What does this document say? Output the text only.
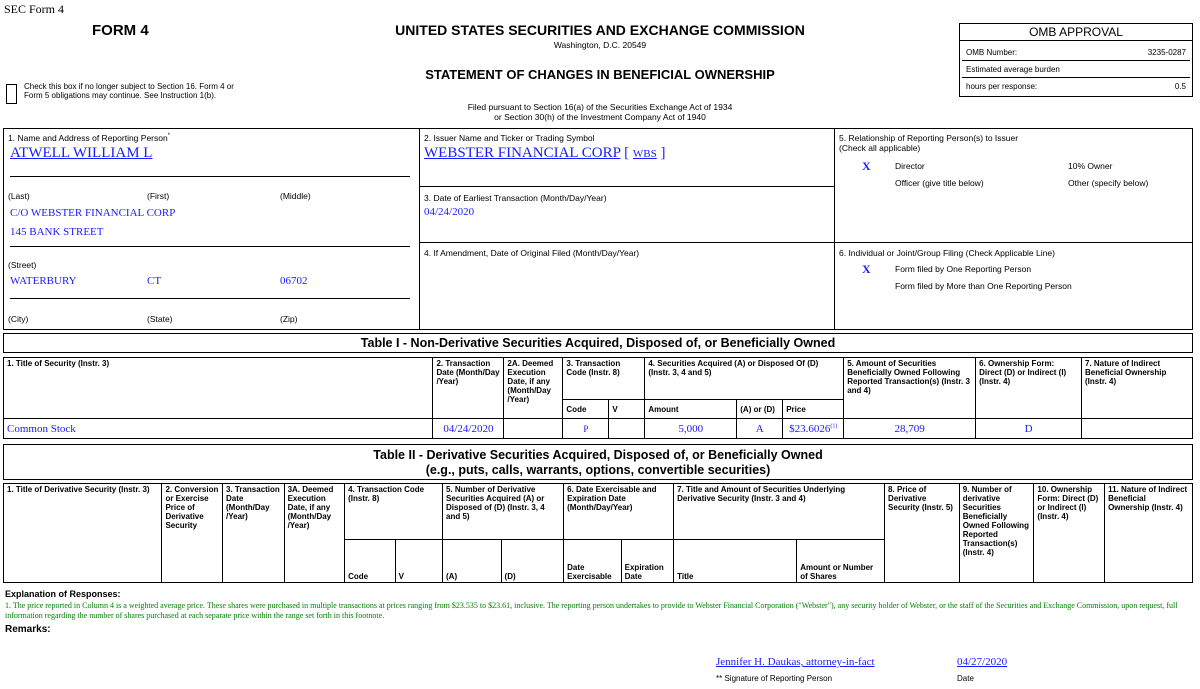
SEC Form 4
FORM 4	UNITED STATES SECURITIES AND EXCHANGE COMMISSION
Washington, D.C. 20549
STATEMENT OF CHANGES IN BENEFICIAL OWNERSHIP
Filed pursuant to Section 16(a) of the Securities Exchange Act of 1934
or Section 30(h) of the Investment Company Act of 1940
Check this box if no longer subject to Section 16. Form 4 or Form 5 obligations may continue. See Instruction 1(b).
OMB APPROVAL
OMB Number:	3235-0287
Estimated average burden
hours per response:	0.5
1. Name and Address of Reporting Person*
ATWELL WILLIAM L
(Last)	(First)	(Middle)
C/O WEBSTER FINANCIAL CORP
145 BANK STREET
(Street)
WATERBURY	CT	06702
(City)	(State)	(Zip)
2. Issuer Name and Ticker or Trading Symbol
WEBSTER FINANCIAL CORP [ WBS ]
3. Date of Earliest Transaction (Month/Day/Year)
04/24/2020
4. If Amendment, Date of Original Filed (Month/Day/Year)
5. Relationship of Reporting Person(s) to Issuer
(Check all applicable)
X	Director	10% Owner
Officer (give title below)	Other (specify below)
6. Individual or Joint/Group Filing (Check Applicable Line)
X	Form filed by One Reporting Person
Form filed by More than One Reporting Person
Table I - Non-Derivative Securities Acquired, Disposed of, or Beneficially Owned
1. Title of Security (Instr. 3)	2. Transaction Date (Month/Day /Year)	2A. Deemed Execution Date, if any (Month/Day /Year)	3. Transaction Code (Instr. 8)		4. Securities Acquired (A) or Disposed Of (D) (Instr. 3, 4 and 5)			5. Amount of Securities Beneficially Owned Following Reported Transaction(s) (Instr. 3 and 4)	6. Ownership Form: Direct (D) or Indirect (I) (Instr. 4)	7. Nature of Indirect Beneficial Ownership (Instr. 4)
			Code	V	Amount	(A) or (D)	Price			
Common Stock	04/24/2020		P		5,000	A	$23.6026$^{(1)}$	28,709	D	
Table II - Derivative Securities Acquired, Disposed of, or Beneficially Owned
(e.g., puts, calls, warrants, options, convertible securities)
1. Title of Derivative Security (Instr. 3)	2. Conversion or Exercise Price of Derivative Security	3. Transaction Date (Month/Day /Year)	3A. Deemed Execution Date, if any (Month/Day /Year)	4. Transaction Code (Instr. 8)		5. Number of Derivative Securities Acquired (A) or Disposed of (D) (Instr. 3, 4 and 5)		6. Date Exercisable and Expiration Date (Month/Day/Year)		7. Title and Amount of Securities Underlying Derivative Security (Instr. 3 and 4)		8. Price of Derivative Security (Instr. 5)	9. Number of derivative Securities Beneficially Owned Following Reported Transaction(s) (Instr. 4)	10. Ownership Form: Direct (D) or Indirect (I) (Instr. 4)	11. Nature of Indirect Beneficial Ownership (Instr. 4)
				Code	V	(A)	(D)	Date Exercisable	Expiration Date	Title	Amount or Number of Shares				
Explanation of Responses:
1. The price reported in Column 4 is a weighted average price. These shares were purchased in multiple transactions at prices ranging from $23.535 to $23.61, inclusive. The reporting person undertakes to provide to Webster Financial Corporation ("Webster"), any security holder of Webster, or the staff of the Securities and Exchange Commission, upon request, full information regarding the number of shares purchased at each separate price within the range set forth in this footnote.
Remarks:
Jennifer H. Daukas, attorney-in-fact	04/27/2020
** Signature of Reporting Person	Date
